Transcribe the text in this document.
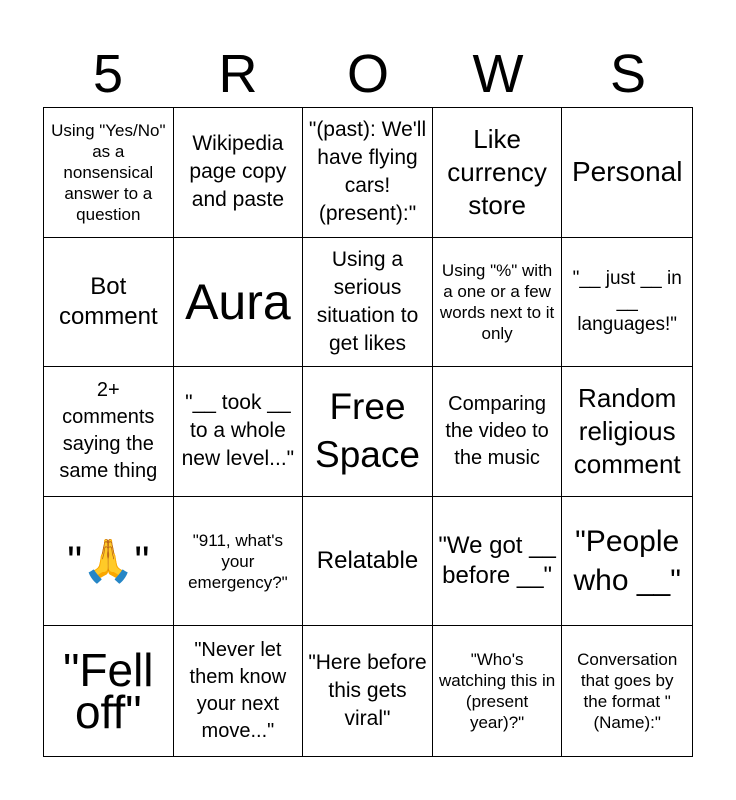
5	R	O	W	S
Using "Yes/No" as a nonsensical answer to a question
Wikipedia page copy and paste
"(past): We'll have flying cars! (present):"
Like currency store
Personal
Bot comment Aura
Using a serious situation to get likes
Using "%" with a one or a few words next to it only
"__ just __ in __ languages!"
2+ comments saying the same thing
"__ took __ to a whole new level..."
Free Space
Comparing the video to the music
Random religious comment
"🙏"	"911, what's your emergency?"
Relatable
"We got __ before __"
"People who __"
"Fell off"
"Never let them know your next move..."
"Here before this gets viral"
"Who's watching this in (present year)?"
Conversation that goes by the format "(Name):"
